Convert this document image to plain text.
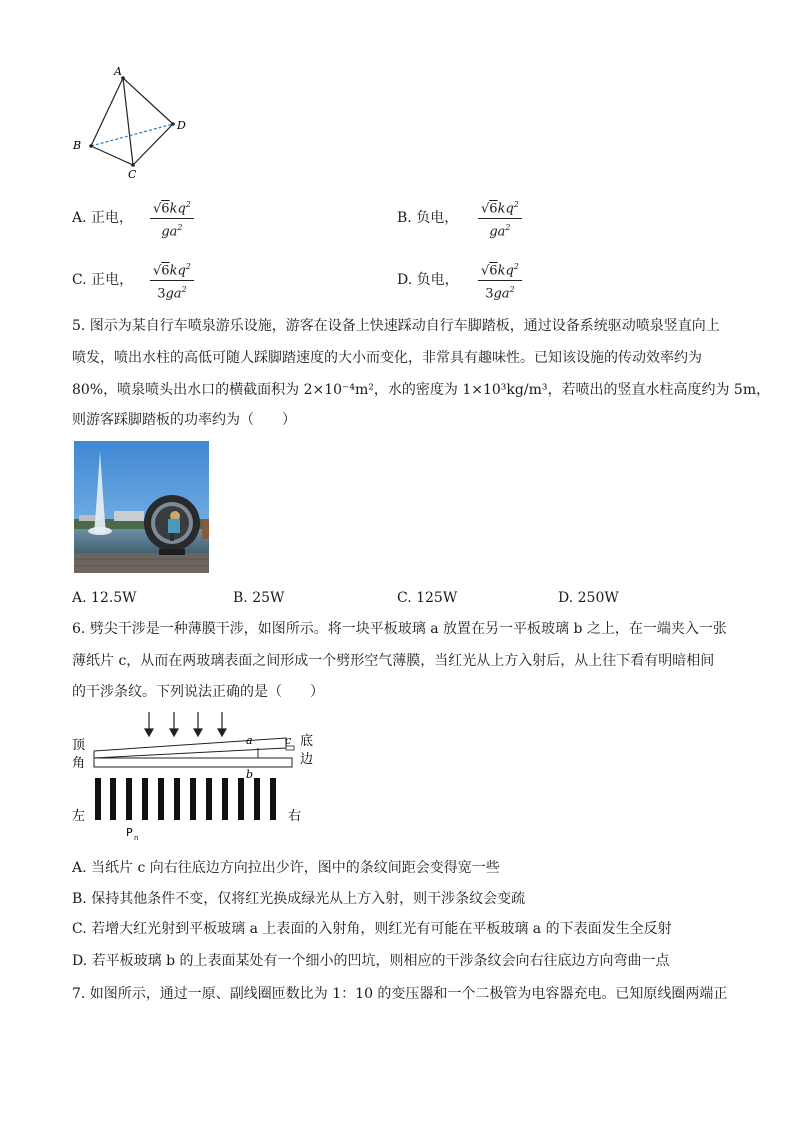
A
B
C
D
A. 正电， $\frac{√6kq^2}{ga^2}$	B. 负电， $\frac{√6kq^2}{ga^2}$
C. 正电， $\frac{√6kq^2}{3ga^2}$	D. 负电， $\frac{√6kq^2}{3ga^2}$
5. 图示为某自行车喷泉游乐设施，游客在设备上快速踩动自行车脚踏板，通过设备系统驱动喷泉竖直向上
喷发，喷出水柱的高低可随人踩脚踏速度的大小而变化，非常具有趣味性。已知该设施的传动效率约为
80%，喷泉喷头出水口的横截面积为 2×10⁻⁴m²，水的密度为 1×10³kg/m³，若喷出的竖直水柱高度约为 5m，
则游客踩脚踏板的功率约为（　　）
A. 12.5W	B. 25W	C. 125W	D. 250W
6. 劈尖干涉是一种薄膜干涉，如图所示。将一块平板玻璃 a 放置在另一平板玻璃 b 之上，在一端夹入一张
薄纸片 c，从而在两玻璃表面之间形成一个劈形空气薄膜，当红光从上方入射后，从上往下看有明暗相间
的干涉条纹。下列说法正确的是（　　）
a
b
c
顶
角
底
边
左	右
P n
A. 当纸片 c 向右往底边方向拉出少许，图中的条纹间距会变得宽一些
B. 保持其他条件不变，仅将红光换成绿光从上方入射，则干涉条纹会变疏
C. 若增大红光射到平板玻璃 a 上表面的入射角，则红光有可能在平板玻璃 a 的下表面发生全反射
D. 若平板玻璃 b 的上表面某处有一个细小的凹坑，则相应的干涉条纹会向右往底边方向弯曲一点
7. 如图所示，通过一原、副线圈匝数比为 1：10 的变压器和一个二极管为电容器充电。已知原线圈两端正
